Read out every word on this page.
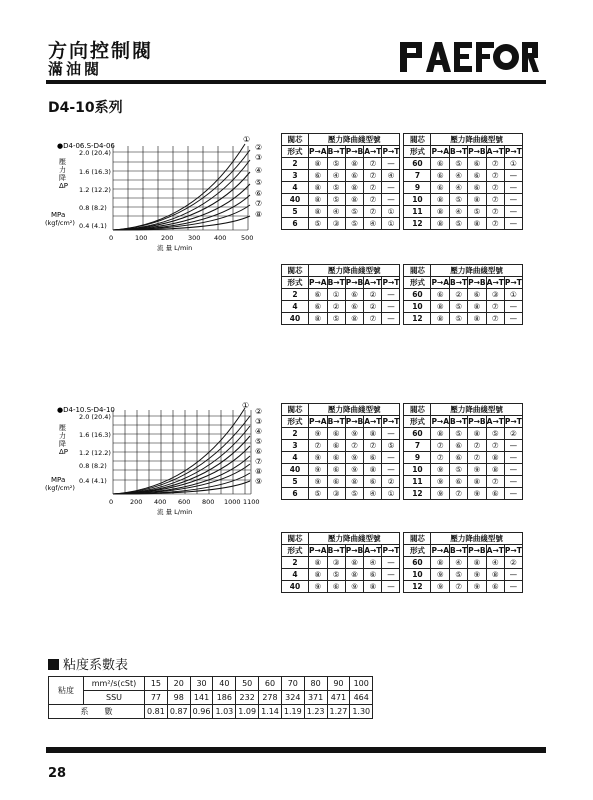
方向控制閥
滿油閥
D4-10系列
●D4-06.S-D4-06
壓
力
降
ΔP
MPa
(kgf/cm²)
2.0 (20.4)
1.6 (16.3)
1.2 (12.2)
0.8 (8.2)
0.4 (4.1)
①
②
③
④
⑤
⑥
⑦
⑧
0	100 200 300 400 500
流 量 L/min
閥芯	壓力降曲綫型號						閥芯	壓力降曲綫型號				
形式	P→A	B→T	P→B	A→T	P→T		形式	P→A	B→T	P→B	A→T	P→T
2	⑧	⑤	⑧	⑦	—		60	⑥	⑤	⑥	⑦	①
3	⑥	④	⑥	⑦	④		7	⑥	④	⑥	⑦	—
4	⑧	⑤	⑧	⑦	—		9	⑥	④	⑥	⑦	—
40	⑧	⑤	⑧	⑦	—		10	⑧	⑤	⑧	⑦	—
5	⑧	④	⑤	⑦	①		11	⑧	④	⑤	⑦	—
6	⑤	③	⑤	④	①		12	⑧	⑤	⑧	⑦	—
閥芯	壓力降曲綫型號						閥芯	壓力降曲綫型號				
形式	P→A	B→T	P→B	A→T	P→T		形式	P→A	B→T	P→B	A→T	P→T
2	⑥	①	⑥	②	—		60	⑥	②	⑥	③	①
4	⑥	②	⑥	②	—		10	⑧	⑤	⑧	⑦	—
40	⑧	⑤	⑧	⑦	—		12	⑧	⑤	⑧	⑦	—
●D4-10.S-D4-10
壓
力
降
ΔP
MPa
(kgf/cm²)
2.0 (20.4)
1.6 (16.3)
1.2 (12.2)
0.8 (8.2)
0.4 (4.1)
①
②
③
④
⑤
⑥
⑦
⑧
⑨
0	200 400 600 800 1000 1100
流 量 L/min
閥芯	壓力降曲綫型號						閥芯	壓力降曲綫型號				
形式	P→A	B→T	P→B	A→T	P→T		形式	P→A	B→T	P→B	A→T	P→T
2	⑨	⑥	⑨	⑧	—		60	⑧	⑤	⑧	⑤	②
3	⑦	⑥	⑦	⑦	⑤		7	⑦	⑥	⑦	⑦	—
4	⑨	⑥	⑨	⑥	—		9	⑦	⑥	⑦	⑧	—
40	⑨	⑥	⑨	⑧	—		10	⑨	⑤	⑨	⑧	—
5	⑨	⑥	⑧	⑥	②		11	⑨	⑥	⑧	⑦	—
6	⑤	③	⑤	④	①		12	⑨	⑦	⑨	⑥	—
閥芯	壓力降曲綫型號						閥芯	壓力降曲綫型號				
形式	P→A	B→T	P→B	A→T	P→T		形式	P→A	B→T	P→B	A→T	P→T
2	⑧	③	⑧	④	—		60	⑧	④	⑧	④	②
4	⑧	⑤	⑧	⑥	—		10	⑨	⑤	⑨	⑧	—
40	⑨	⑥	⑨	⑧	—		12	⑨	⑦	⑨	⑥	—
粘度系數表
粘度	mm²/s(cSt)	15	20	30	40	50	60	70	80	90	100
	SSU	77	98	141	186	232	278	324	371	471	464
系　　數		0.81	0.87	0.96	1.03	1.09	1.14	1.19	1.23	1.27	1.30
28
